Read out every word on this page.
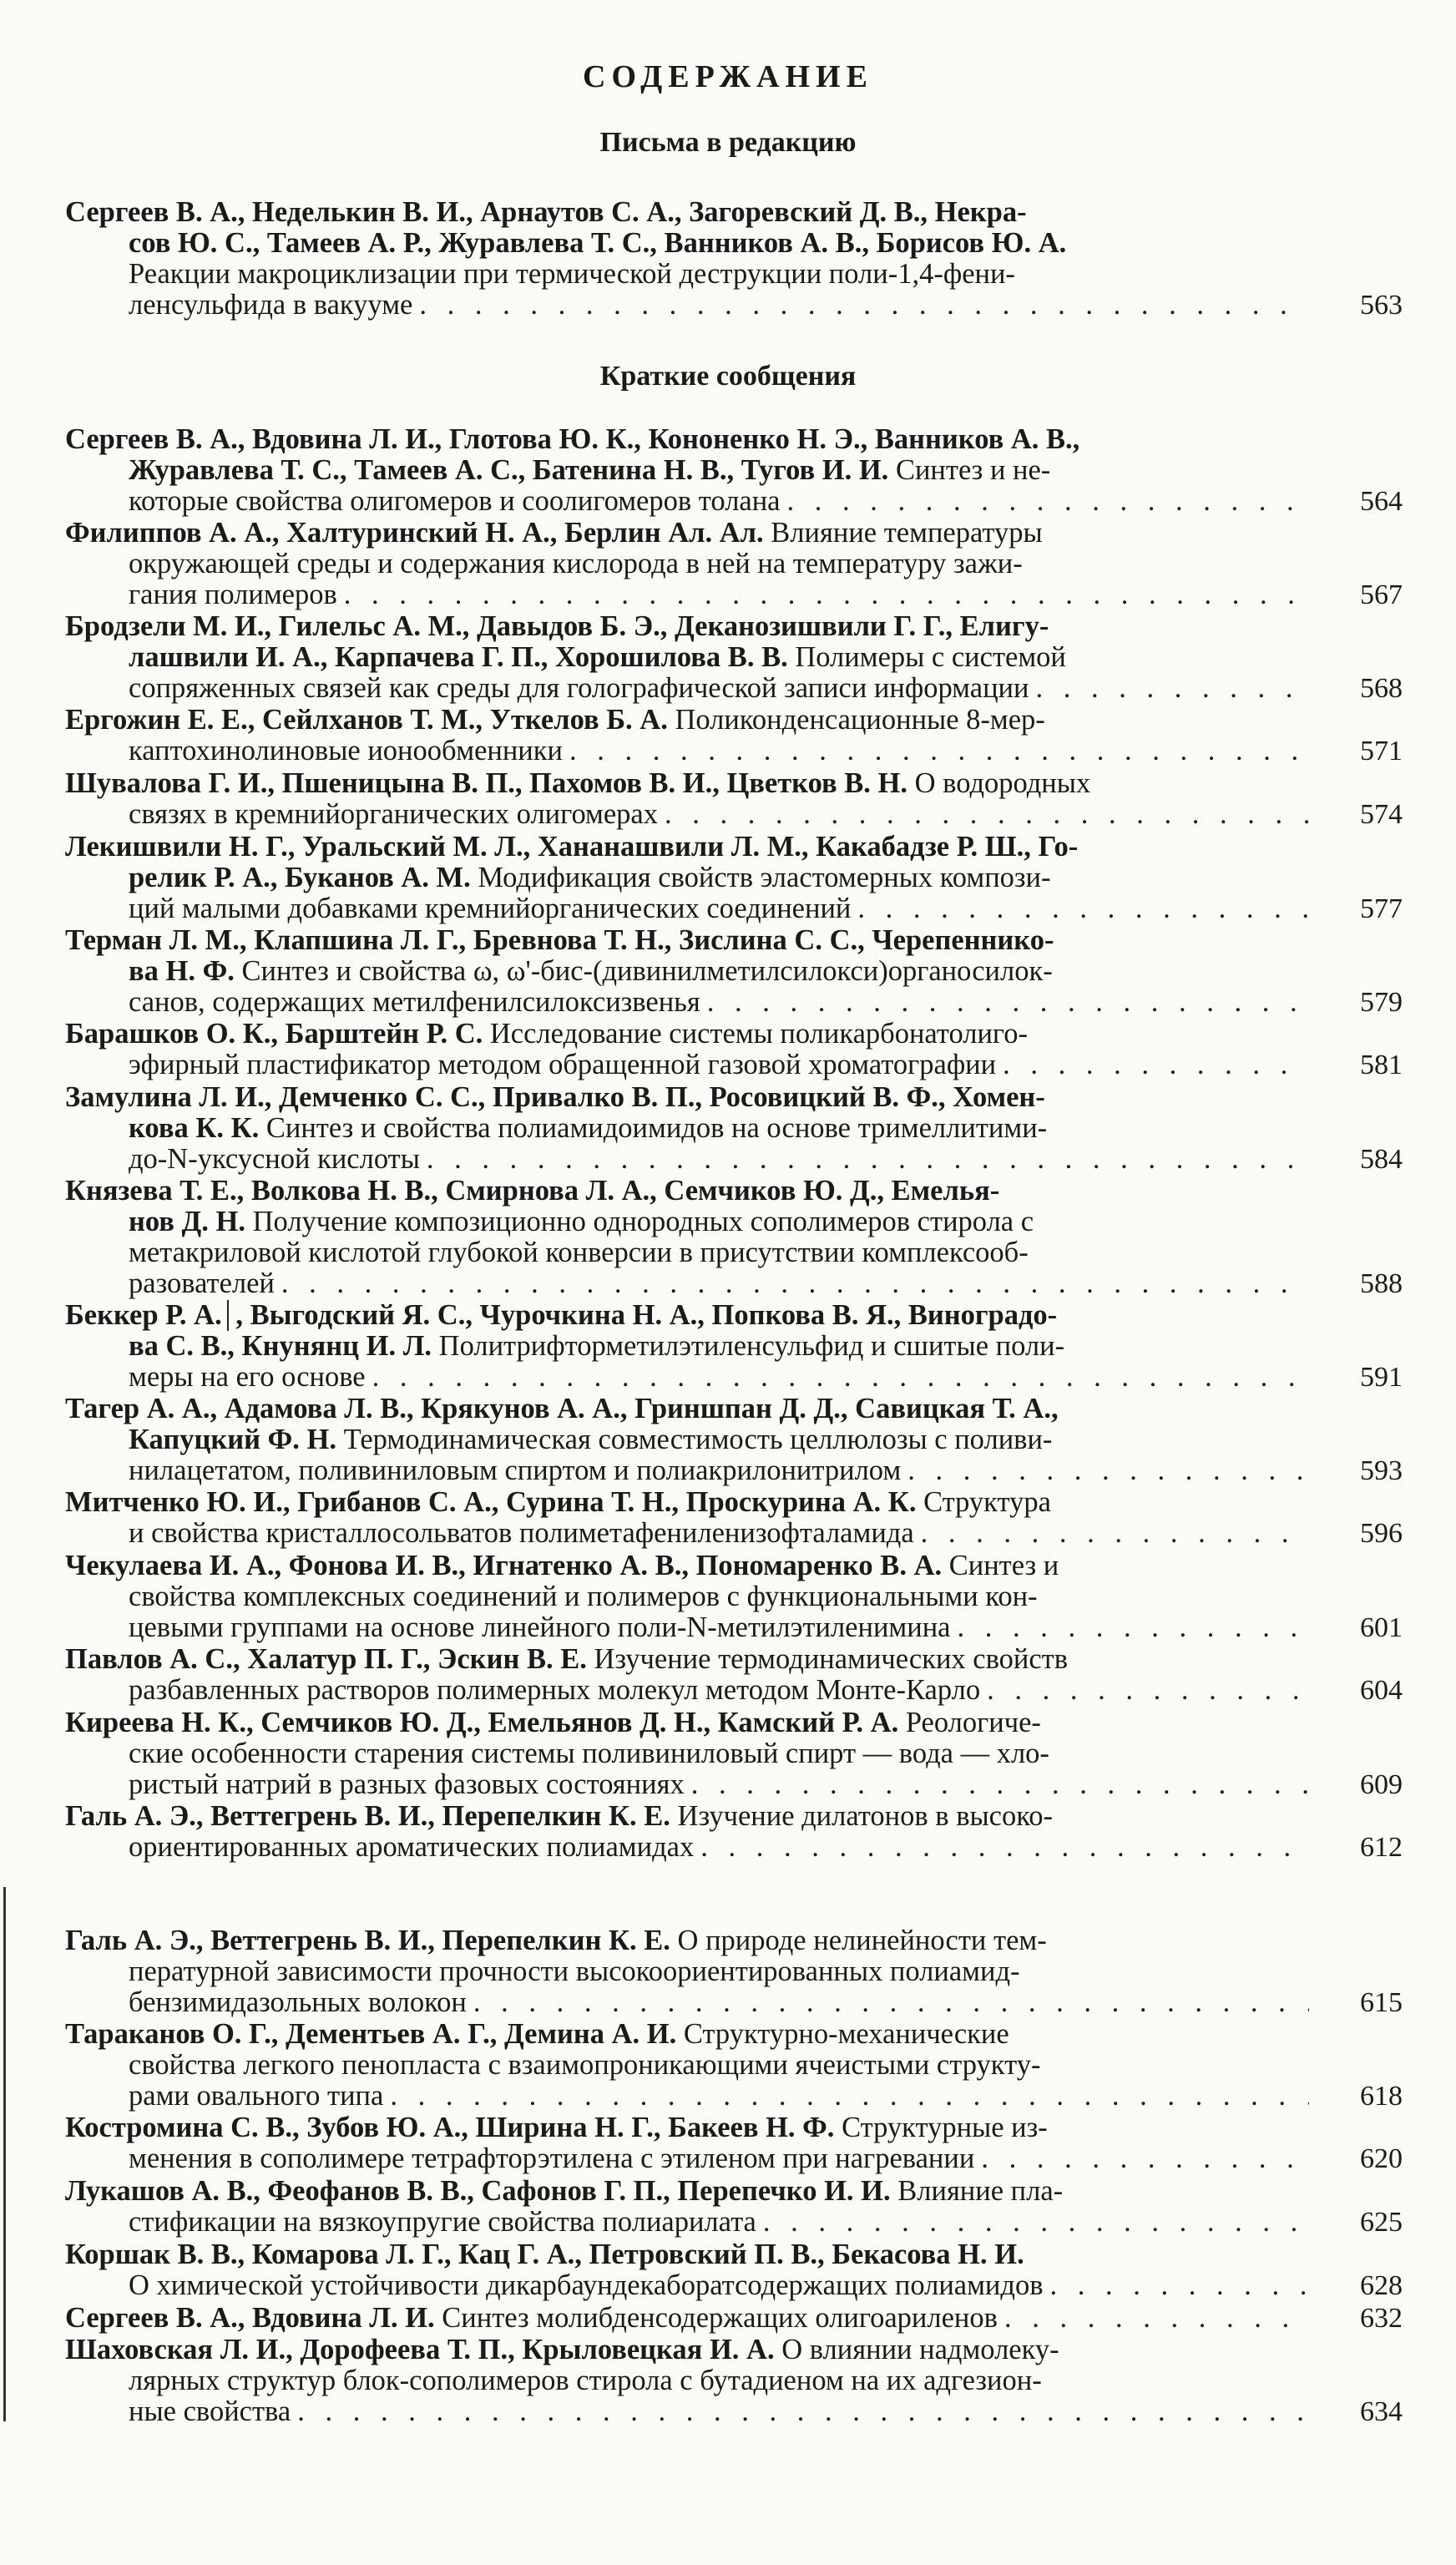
СОДЕРЖАНИЕ
Письма в редакцию
Краткие сообщения
Сергеев В. А., Неделькин В. И., Арнаутов С. А., Загоревский Д. В., Некра-
сов Ю. С., Тамеев А. Р., Журавлева Т. С., Ванников А. В., Борисов Ю. А.
Реакции макроциклизации при термической деструкции поли-1,4-фени-
ленсульфида в вакууме . . .	563
Сергеев В. А., Вдовина Л. И., Глотова Ю. К., Кононенко Н. Э., Ванников А. В.,
Журавлева Т. С., Тамеев А. С., Батенина Н. В., Тугов И. И. Синтез и не-
которые свойства олигомеров и соолигомеров толана . . .	564
Филиппов А. А., Халтуринский Н. А., Берлин Ал. Ал. Влияние температуры
окружающей среды и содержания кислорода в ней на температуру зажи-
гания полимеров . . .	567
Бродзели М. И., Гилельс А. М., Давыдов Б. Э., Деканозишвили Г. Г., Елигу-
лашвили И. А., Карпачева Г. П., Хорошилова В. В. Полимеры с системой
сопряженных связей как среды для голографической записи информации . . .	568
Ергожин Е. Е., Сейлханов Т. М., Уткелов Б. А. Поликонденсационные 8-мер-
каптохинолиновые ионообменники . . .	571
Шувалова Г. И., Пшеницына В. П., Пахомов В. И., Цветков В. Н. О водородных
связях в кремнийорганических олигомерах . . .	574
Лекишвили Н. Г., Уральский М. Л., Хананашвили Л. М., Какабадзе Р. Ш., Го-
релик Р. А., Буканов А. М. Модификация свойств эластомерных компози-
ций малыми добавками кремнийорганических соединений . . .	577
Терман Л. М., Клапшина Л. Г., Бревнова Т. Н., Зислина С. С., Черепеннико-
ва Н. Ф. Синтез и свойства ω, ω'-бис-(дивинилметилсилокси)органосилок-
санов, содержащих метилфенилсилоксизвенья . . .	579
Барашков О. К., Барштейн Р. С. Исследование системы поликарбонатолиго-
эфирный пластификатор методом обращенной газовой хроматографии . . .	581
Замулина Л. И., Демченко С. С., Привалко В. П., Росовицкий В. Ф., Хомен-
кова К. К. Синтез и свойства полиамидоимидов на основе тримеллитими-
до-N-уксусной кислоты . . .	584
Князева Т. Е., Волкова Н. В., Смирнова Л. А., Семчиков Ю. Д., Емелья-
нов Д. Н. Получение композиционно однородных сополимеров стирола с
метакриловой кислотой глубокой конверсии в присутствии комплексооб-
разователей . . .	588
Беккер Р. А. , Выгодский Я. С., Чурочкина Н. А., Попкова В. Я., Виноградо-
ва С. В., Кнунянц И. Л. Политрифторметилэтиленсульфид и сшитые поли-
меры на его основе . . .	591
Тагер А. А., Адамова Л. В., Крякунов А. А., Гриншпан Д. Д., Савицкая Т. А.,
Капуцкий Ф. Н. Термодинамическая совместимость целлюлозы с поливи-
нилацетатом, поливиниловым спиртом и полиакрилонитрилом . . .	593
Митченко Ю. И., Грибанов С. А., Сурина Т. Н., Проскурина А. К. Структура
и свойства кристаллосольватов полиметафениленизофталамида . . .	596
Чекулаева И. А., Фонова И. В., Игнатенко А. В., Пономаренко В. А. Синтез и
свойства комплексных соединений и полимеров с функциональными кон-
цевыми группами на основе линейного поли-N-метилэтиленимина . . .	601
Павлов А. С., Халатур П. Г., Эскин В. Е. Изучение термодинамических свойств
разбавленных растворов полимерных молекул методом Монте-Карло . . .	604
Киреева Н. К., Семчиков Ю. Д., Емельянов Д. Н., Камский Р. А. Реологиче-
ские особенности старения системы поливиниловый спирт — вода — хло-
ристый натрий в разных фазовых состояниях . . .	609
Галь А. Э., Веттегрень В. И., Перепелкин К. Е. Изучение дилатонов в высоко-
ориентированных ароматических полиамидах . . .	612
Галь А. Э., Веттегрень В. И., Перепелкин К. Е. О природе нелинейности тем-
пературной зависимости прочности высокоориентированных полиамид-
бензимидазольных волокон . . .	615
Тараканов О. Г., Дементьев А. Г., Демина А. И. Структурно-механические
свойства легкого пенопласта с взаимопроникающими ячеистыми структу-
рами овального типа . . .	618
Костромина С. В., Зубов Ю. А., Ширина Н. Г., Бакеев Н. Ф. Структурные из-
менения в сополимере тетрафторэтилена с этиленом при нагревании . . .	620
Лукашов А. В., Феофанов В. В., Сафонов Г. П., Перепечко И. И. Влияние пла-
стификации на вязкоупругие свойства полиарилата . . .	625
Коршак В. В., Комарова Л. Г., Кац Г. А., Петровский П. В., Бекасова Н. И.
О химической устойчивости дикарбаундекаборатсодержащих полиамидов . . .	628
Сергеев В. А., Вдовина Л. И. Синтез молибденсодержащих олигоариленов . . .	632
Шаховская Л. И., Дорофеева Т. П., Крыловецкая И. А. О влиянии надмолеку-
лярных структур блок-сополимеров стирола с бутадиеном на их адгезион-
ные свойства . . .	634
